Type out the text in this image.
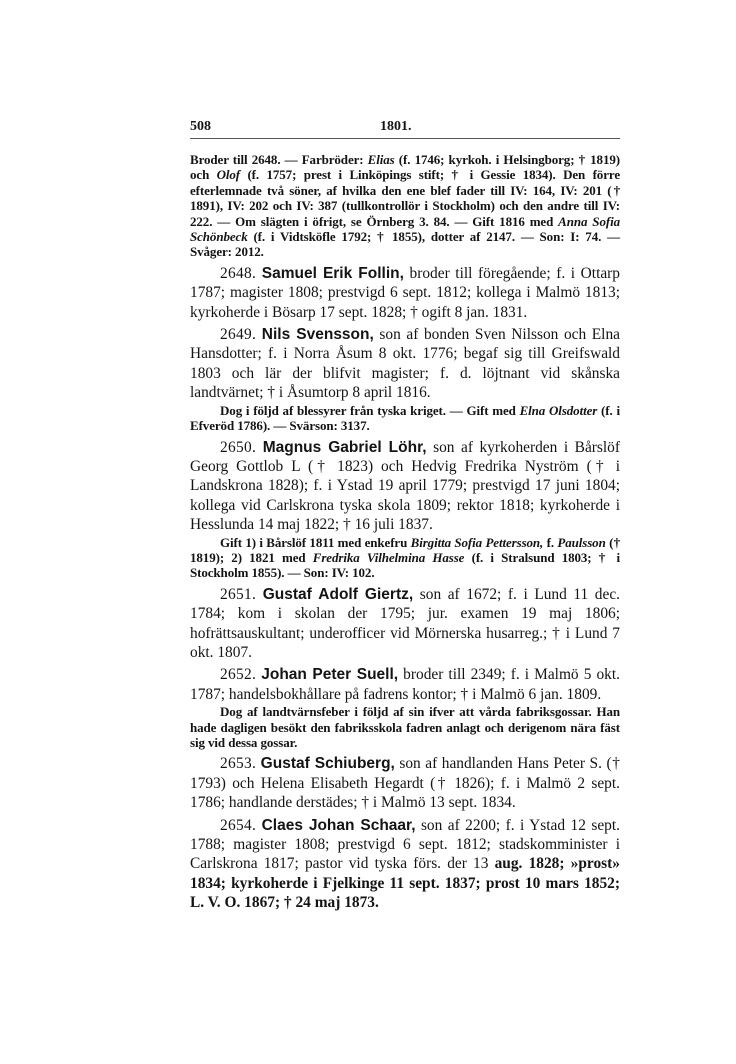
508	1801.

Broder till 2648. — Farbröder: Elias (f. 1746; kyrkoh. i Helsingborg; † 1819) och Olof (f. 1757; prest i Linköpings stift; † i Gessie 1834). Den förre efterlemnade två söner, af hvilka den ene blef fader till IV: 164, IV: 201 († 1891), IV: 202 och IV: 387 (tullkontrollör i Stockholm) och den andre till IV: 222. — Om slägten i öfrigt, se Örnberg 3. 84. — Gift 1816 med Anna Sofia Schönbeck (f. i Vidtsköfle 1792; † 1855), dotter af 2147. — Son: I: 74. — Svåger: 2012.

2648. Samuel Erik Follin, broder till föregående; f. i Ottarp 1787; magister 1808; prestvigd 6 sept. 1812; kollega i Malmö 1813; kyrkoherde i Bösarp 17 sept. 1828; † ogift 8 jan. 1831.

2649. Nils Svensson, son af bonden Sven Nilsson och Elna Hansdotter; f. i Norra Åsum 8 okt. 1776; begaf sig till Greifswald 1803 och lär der blifvit magister; f. d. löjtnant vid skånska landtvärnet; † i Åsumtorp 8 april 1816.

Dog i följd af blessyrer från tyska kriget. — Gift med Elna Olsdotter (f. i Efveröd 1786). — Svärson: 3137.

2650. Magnus Gabriel Löhr, son af kyrkoherden i Bårslöf Georg Gottlob L († 1823) och Hedvig Fredrika Nyström († i Landskrona 1828); f. i Ystad 19 april 1779; prestvigd 17 juni 1804; kollega vid Carlskrona tyska skola 1809; rektor 1818; kyrkoherde i Hesslunda 14 maj 1822; † 16 juli 1837.

Gift 1) i Bårslöf 1811 med enkefru Birgitta Sofia Pettersson, f. Paulsson († 1819); 2) 1821 med Fredrika Vilhelmina Hasse (f. i Stralsund 1803; † i Stockholm 1855). — Son: IV: 102.

2651. Gustaf Adolf Giertz, son af 1672; f. i Lund 11 dec. 1784; kom i skolan der 1795; jur. examen 19 maj 1806; hofrättsauskultant; underofficer vid Mörnerska husarreg.; † i Lund 7 okt. 1807.

2652. Johan Peter Suell, broder till 2349; f. i Malmö 5 okt. 1787; handelsbokhållare på fadrens kontor; † i Malmö 6 jan. 1809.

Dog af landtvärnsfeber i följd af sin ifver att vårda fabriksgossar. Han hade dagligen besökt den fabriksskola fadren anlagt och derigenom nära fäst sig vid dessa gossar.

2653. Gustaf Schiuberg, son af handlanden Hans Peter S. († 1793) och Helena Elisabeth Hegardt († 1826); f. i Malmö 2 sept. 1786; handlande derstädes; † i Malmö 13 sept. 1834.

2654. Claes Johan Schaar, son af 2200; f. i Ystad 12 sept. 1788; magister 1808; prestvigd 6 sept. 1812; stadskomminister i Carlskrona 1817; pastor vid tyska förs. der 13 aug. 1828; »prost» 1834; kyrkoherde i Fjelkinge 11 sept. 1837; prost 10 mars 1852; L. V. O. 1867; † 24 maj 1873.
